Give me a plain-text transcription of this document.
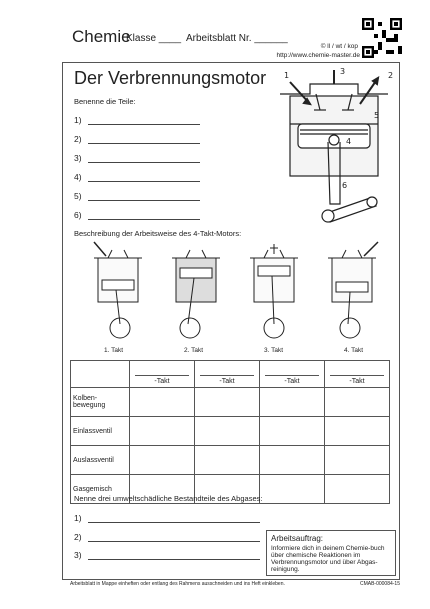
Chemie
Klasse ____ Arbeitsblatt Nr. ______
© ll / wt / kop
http://www.chemie-master.de
Der Verbrennungsmotor
Benenne die Teile:
1)
2)
3)
4)
5)
6)
1	2
3
4
5
6
Beschreibung der Arbeitsweise des 4-Takt-Motors:
1. Takt	2. Takt	3. Takt	4. Takt

	-Takt	-Takt	-Takt	-Takt

Kolben-
bewegung				
Einlassventil				
Auslassventil				
Gasgemisch				
Nenne drei umweltschädliche Bestandteile des Abgases:
1)
2)
3)
Arbeitsauftrag:
Informiere dich in deinem Chemie-buch über chemische Reaktionen im Verbrennungsmotor und über Abgas-reinigung.
Arbeitsblatt in Mappe einheften oder entlang des Rahmens ausschneiden und ins Heft einkleben.	CMAB-000084-15
